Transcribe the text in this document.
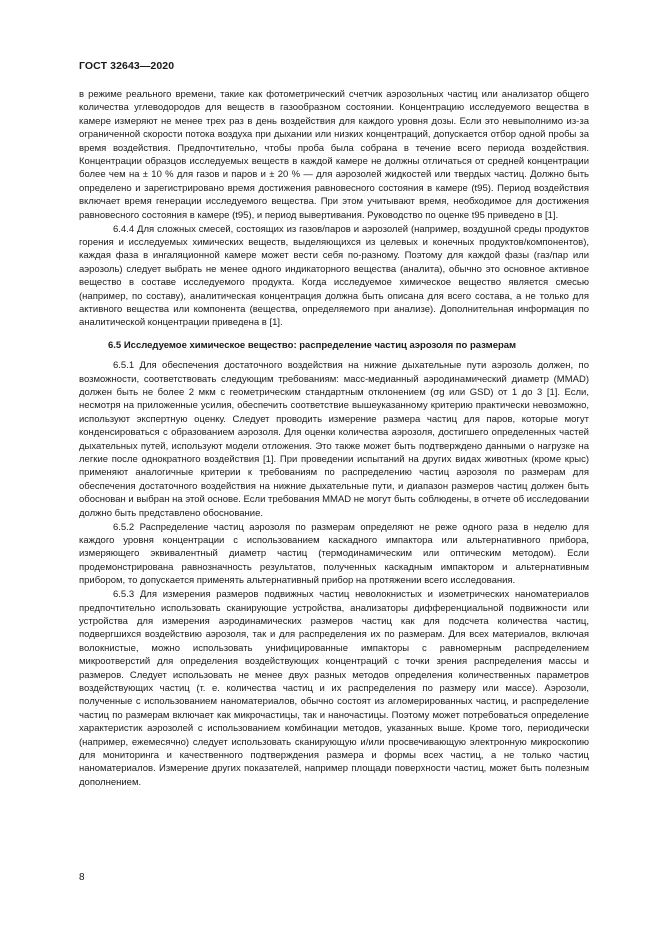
ГОСТ 32643—2020

в режиме реального времени, такие как фотометрический счетчик аэрозольных частиц или анализатор общего количества углеводородов для веществ в газообразном состоянии. Концентрацию исследуемого вещества в камере измеряют не менее трех раз в день воздействия для каждого уровня дозы. Если это невыполнимо из-за ограниченной скорости потока воздуха при дыхании или низких концентраций, допускается отбор одной пробы за время воздействия. Предпочтительно, чтобы проба была собрана в течение всего периода воздействия. Концентрации образцов исследуемых веществ в каждой камере не должны отличаться от средней концентрации более чем на ± 10 % для газов и паров и ± 20 % — для аэрозолей жидкостей или твердых частиц. Должно быть определено и зарегистрировано время достижения равновесного состояния в камере (t95). Период воздействия включает время генерации исследуемого вещества. При этом учитывают время, необходимое для достижения равновесного состояния в камере (t95), и период вывертивания. Руководство по оценке t95 приведено в [1].

6.4.4 Для сложных смесей, состоящих из газов/паров и аэрозолей (например, воздушной среды продуктов горения и исследуемых химических веществ, выделяющихся из целевых и конечных продуктов/компонентов), каждая фаза в ингаляционной камере может вести себя по-разному. Поэтому для каждой фазы (газ/пар или аэрозоль) следует выбрать не менее одного индикаторного вещества (аналита), обычно это основное активное вещество в составе исследуемого продукта. Когда исследуемое химическое вещество является смесью (например, по составу), аналитическая концентрация должна быть описана для всего состава, а не только для активного вещества или компонента (вещества, определяемого при анализе). Дополнительная информация по аналитической концентрации приведена в [1].

6.5 Исследуемое химическое вещество: распределение частиц аэрозоля по размерам

6.5.1 Для обеспечения достаточного воздействия на нижние дыхательные пути аэрозоль должен, по возможности, соответствовать следующим требованиям: масс-медианный аэродинамический диаметр (MMAD) должен быть не более 2 мкм с геометрическим стандартным отклонением (σg или GSD) от 1 до 3 [1]. Если, несмотря на приложенные усилия, обеспечить соответствие вышеуказанному критерию практически невозможно, используют экспертную оценку. Следует проводить измерение размера частиц для паров, которые могут конденсироваться с образованием аэрозоля. Для оценки количества аэрозоля, достигшего определенных частей дыхательных путей, используют модели отложения. Это также может быть подтверждено данными о нагрузке на легкие после однократного воздействия [1]. При проведении испытаний на других видах животных (кроме крыс) применяют аналогичные критерии к требованиям по распределению частиц аэрозоля по размерам для обеспечения достаточного воздействия на нижние дыхательные пути, и диапазон размеров частиц должен быть обоснован и выбран на этой основе. Если требования MMAD не могут быть соблюдены, в отчете об исследовании должно быть представлено обоснование.

6.5.2 Распределение частиц аэрозоля по размерам определяют не реже одного раза в неделю для каждого уровня концентрации с использованием каскадного импактора или альтернативного прибора, измеряющего эквивалентный диаметр частиц (термодинамическим или оптическим методом). Если продемонстрирована равнозначность результатов, полученных каскадным импактором и альтернативным прибором, то допускается применять альтернативный прибор на протяжении всего исследования.

6.5.3 Для измерения размеров подвижных частиц неволокнистых и изометрических наноматериалов предпочтительно использовать сканирующие устройства, анализаторы дифференциальной подвижности или устройства для измерения аэродинамических размеров частиц как для подсчета количества частиц, подвергшихся воздействию аэрозоля, так и для распределения их по размерам. Для всех материалов, включая волокнистые, можно использовать унифицированные импакторы с равномерным распределением микроотверстий для определения воздействующих концентраций с точки зрения распределения массы и размеров. Следует использовать не менее двух разных методов определения количественных параметров воздействующих частиц (т. е. количества частиц и их распределения по размеру или массе). Аэрозоли, полученные с использованием наноматериалов, обычно состоят из агломерированных частиц, и распределение частиц по размерам включает как микрочастицы, так и наночастицы. Поэтому может потребоваться определение характеристик аэрозолей с использованием комбинации методов, указанных выше. Кроме того, периодически (например, ежемесячно) следует использовать сканирующую и/или просвечивающую электронную микроскопию для мониторинга и качественного подтверждения размера и формы всех частиц, а не только частиц наноматериалов. Измерение других показателей, например площади поверхности частиц, может быть полезным дополнением.

8
